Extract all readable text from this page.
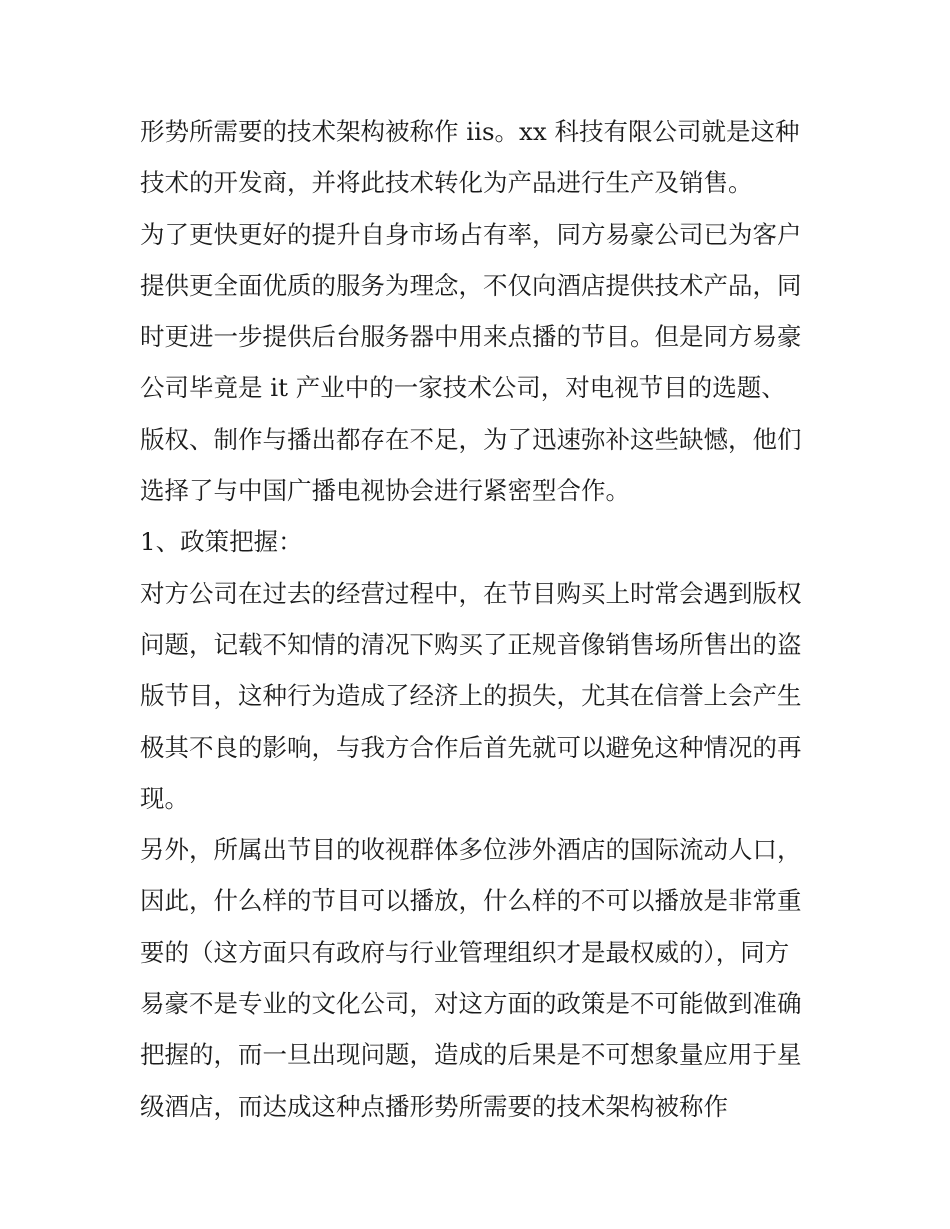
形势所需要的技术架构被称作 iis。xx 科技有限公司就是这种
技术的开发商，并将此技术转化为产品进行生产及销售。
为了更快更好的提升自身市场占有率，同方易豪公司已为客户
提供更全面优质的服务为理念，不仅向酒店提供技术产品，同
时更进一步提供后台服务器中用来点播的节目。但是同方易豪
公司毕竟是 it 产业中的一家技术公司，对电视节目的选题、
版权、制作与播出都存在不足，为了迅速弥补这些缺憾，他们
选择了与中国广播电视协会进行紧密型合作。
1、政策把握：
对方公司在过去的经营过程中，在节目购买上时常会遇到版权
问题，记载不知情的清况下购买了正规音像销售场所售出的盗
版节目，这种行为造成了经济上的损失，尤其在信誉上会产生
极其不良的影响，与我方合作后首先就可以避免这种情况的再
现。
另外，所属出节目的收视群体多位涉外酒店的国际流动人口，
因此，什么样的节目可以播放，什么样的不可以播放是非常重
要的（这方面只有政府与行业管理组织才是最权威的），同方
易豪不是专业的文化公司，对这方面的政策是不可能做到准确
把握的，而一旦出现问题，造成的后果是不可想象量应用于星
级酒店，而达成这种点播形势所需要的技术架构被称作
